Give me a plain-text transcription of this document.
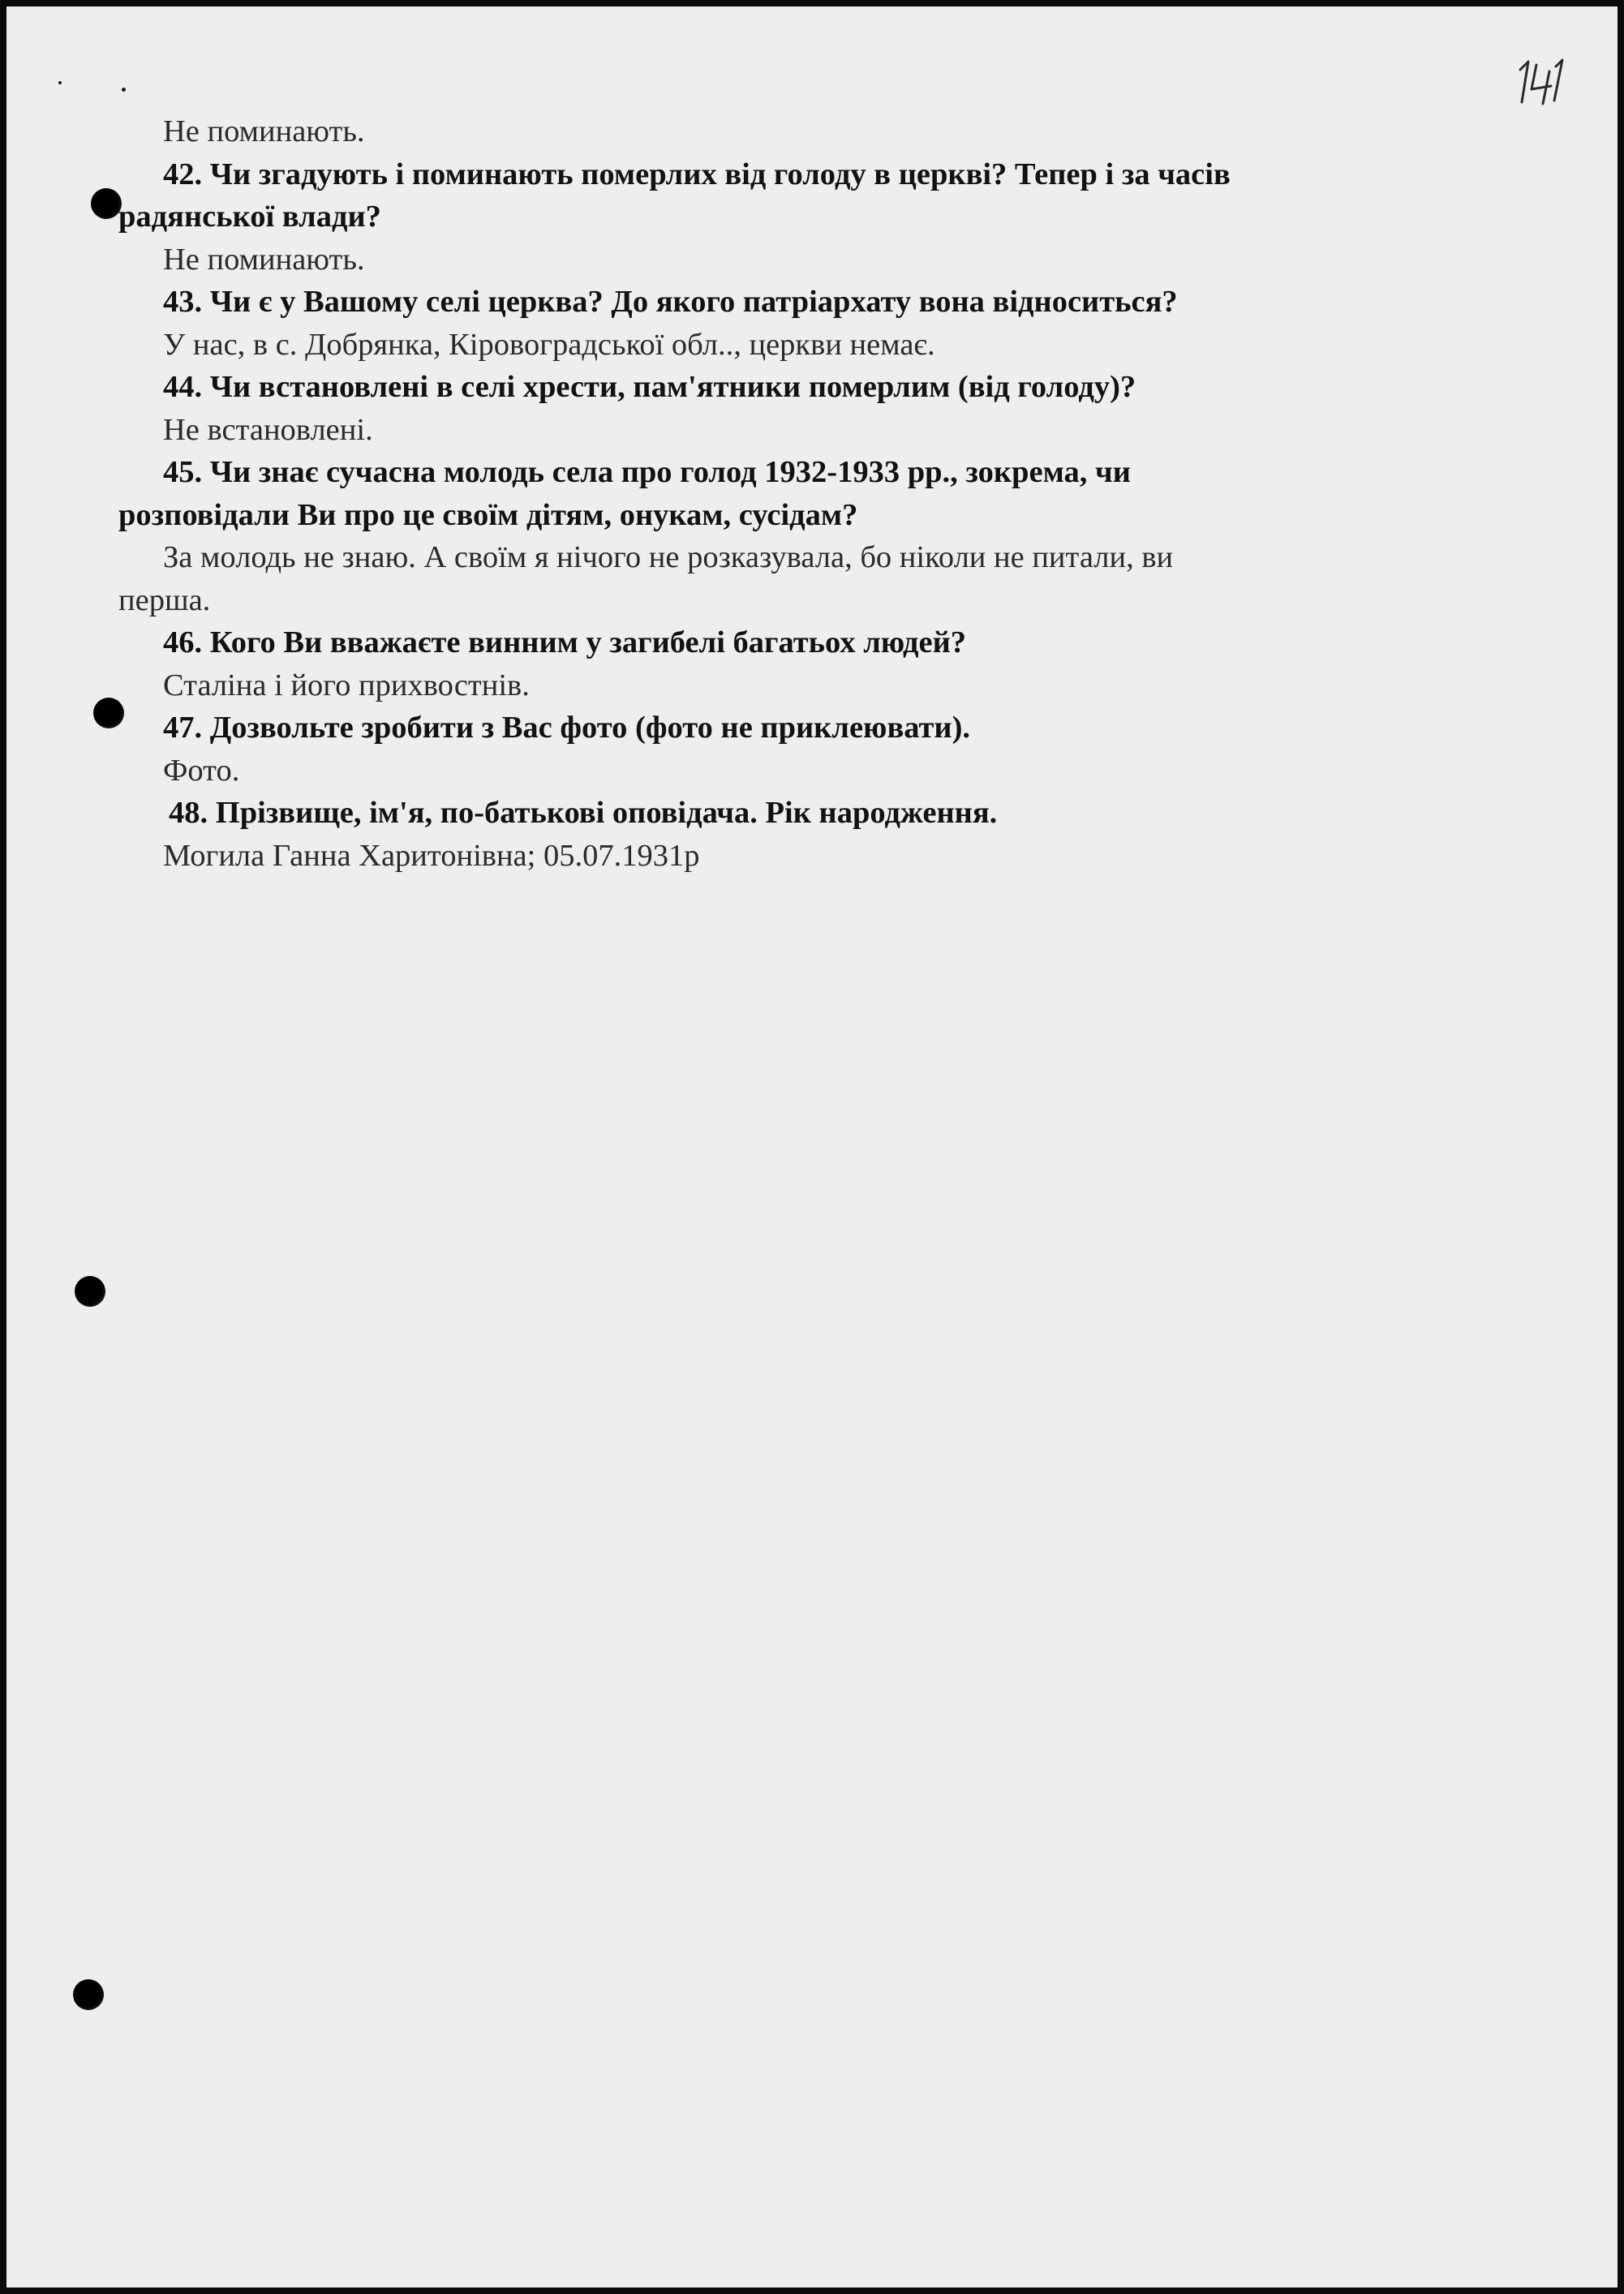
Не поминають.

42. Чи згадують і поминають померлих від голоду в церкві? Тепер і за часів

радянської влади?

Не поминають.

43. Чи є у Вашому селі церква? До якого патріархату вона відноситься?

У нас, в с. Добрянка, Кіровоградської обл.., церкви немає.

44. Чи встановлені в селі хрести, пам'ятники померлим (від голоду)?

Не встановлені.

45. Чи знає сучасна молодь села про голод 1932-1933 рр., зокрема, чи

розповідали Ви про це своїм дітям, онукам, сусідам?

За молодь не знаю. А своїм я нічого не розказувала, бо ніколи не питали, ви

перша.

46. Кого Ви вважаєте винним у загибелі багатьох людей?

Сталіна і його прихвостнів.

47. Дозвольте зробити з Вас фото (фото не приклеювати).

Фото.

48. Прізвище, ім'я, по-батькові оповідача. Рік народження.

Могила Ганна Харитонівна; 05.07.1931р
